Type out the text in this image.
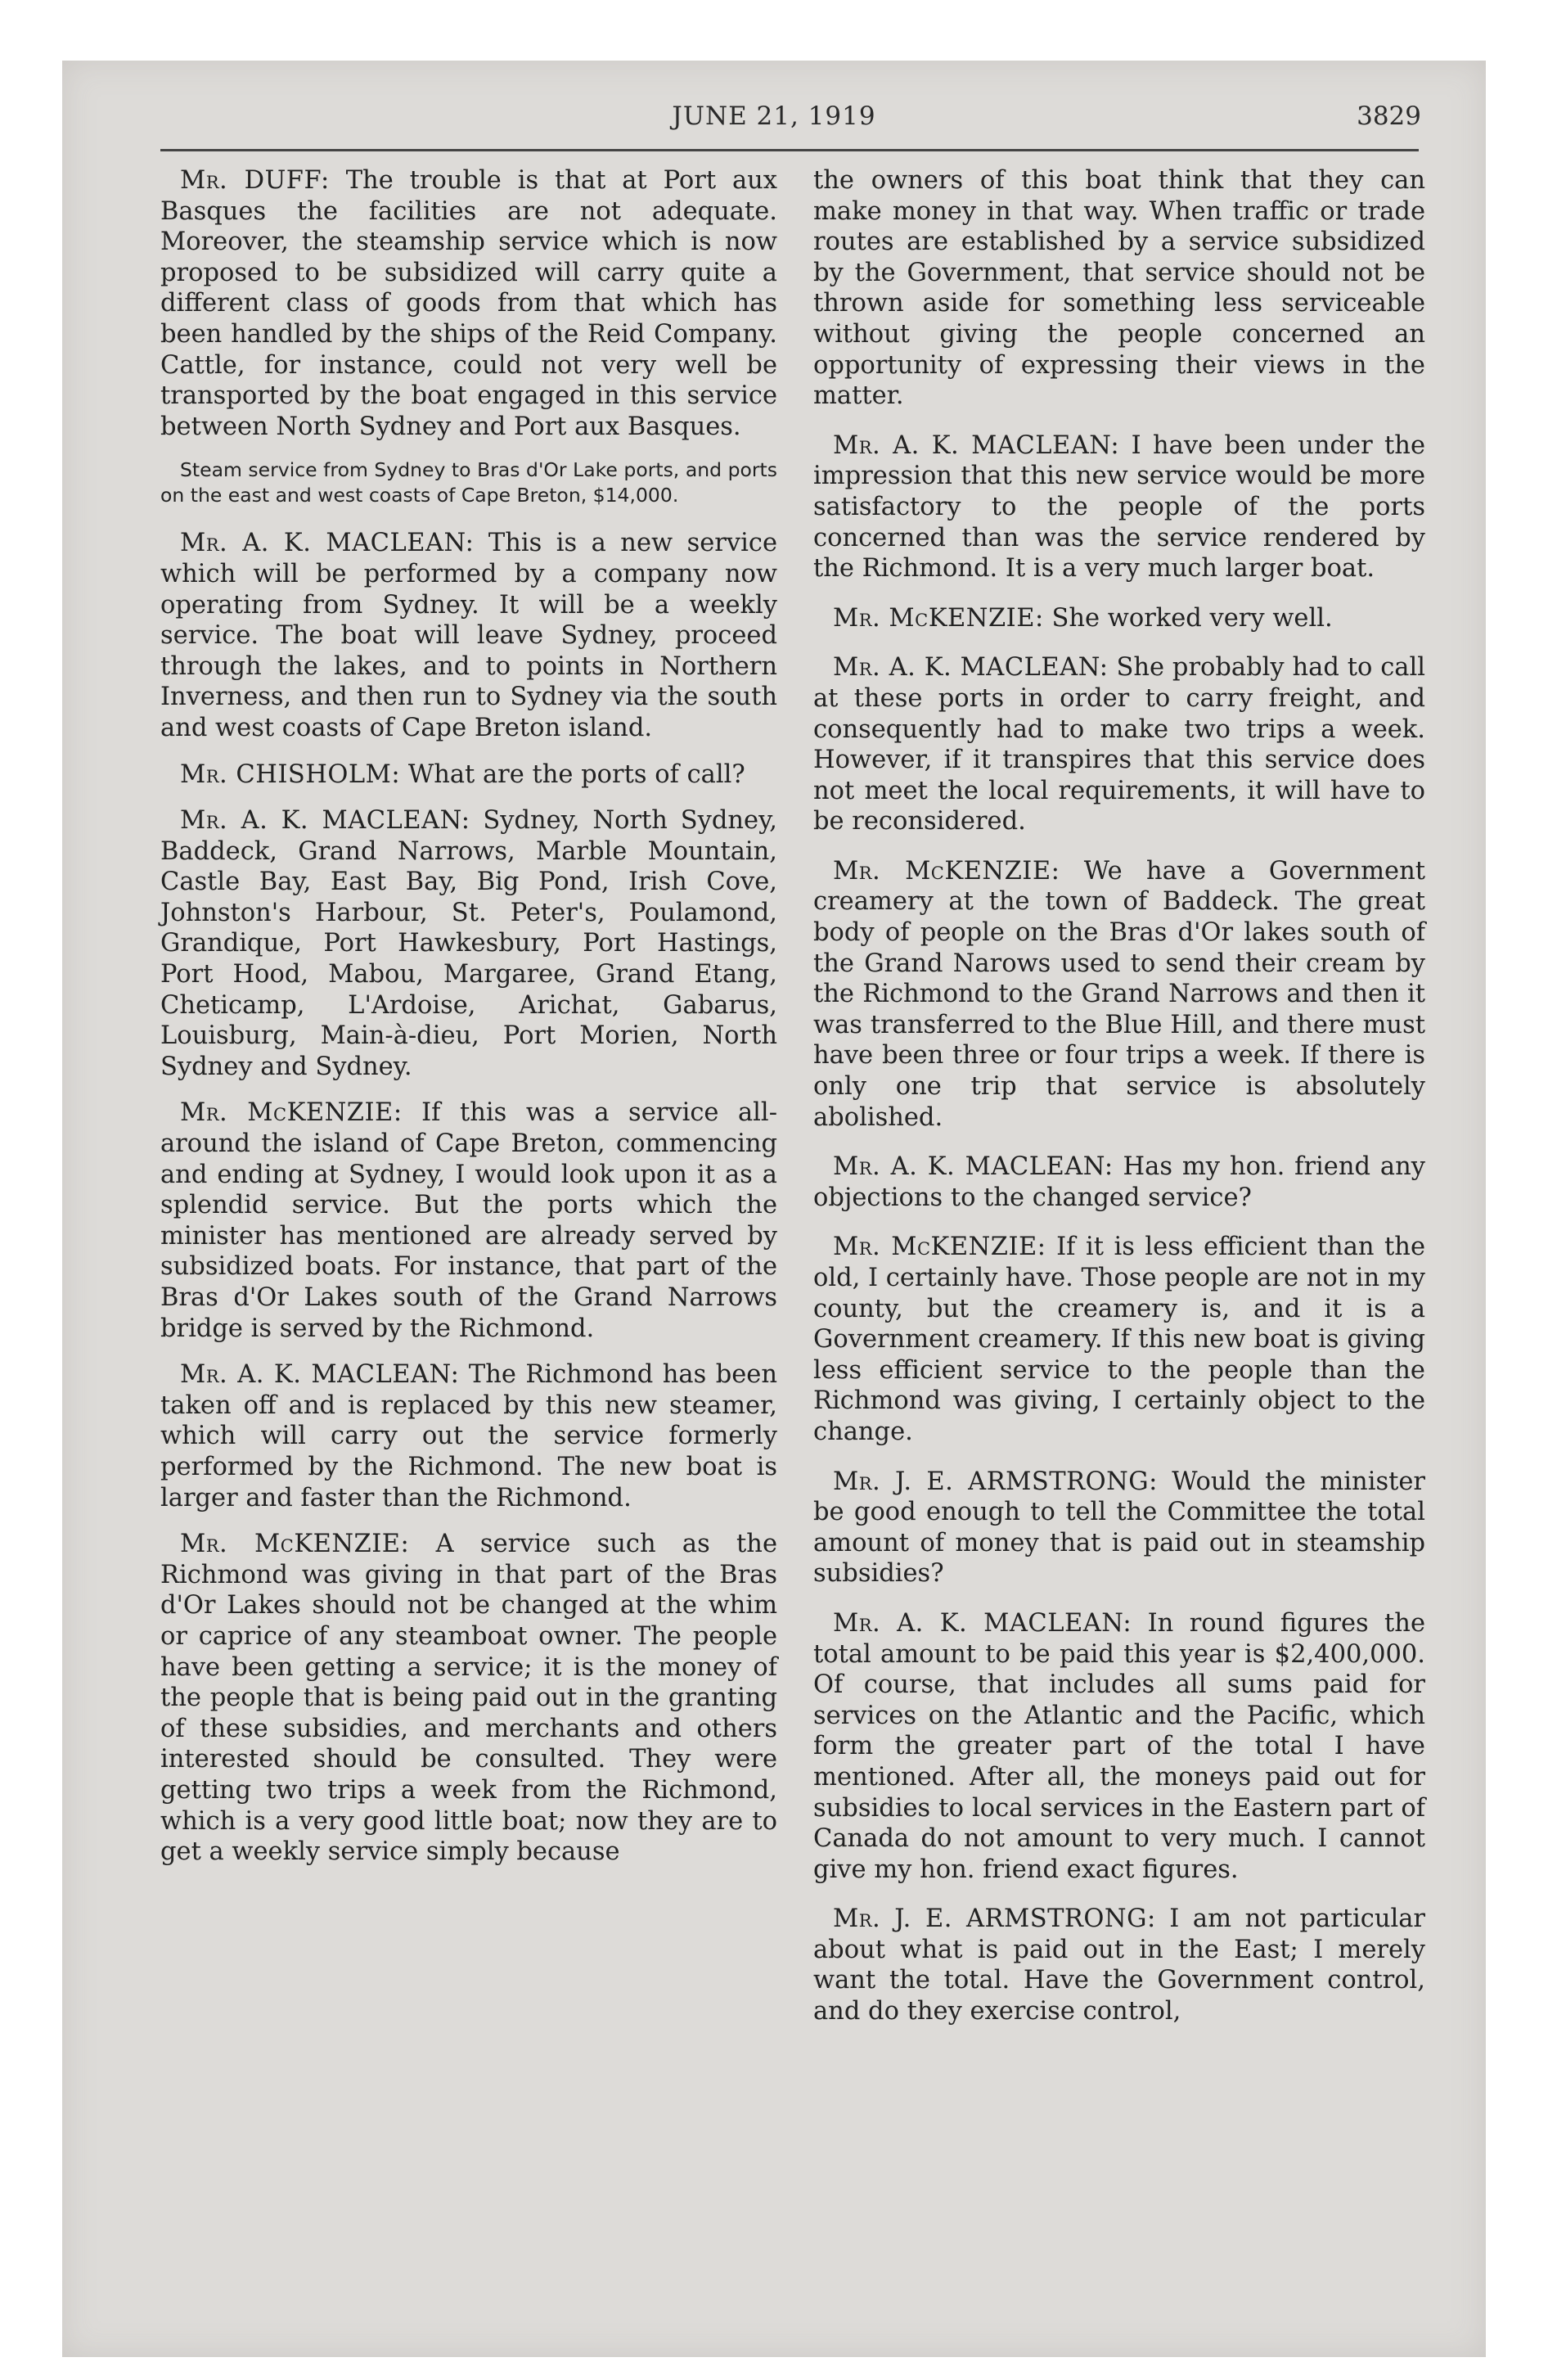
JUNE 21, 1919	3829

Mr. DUFF: The trouble is that at Port aux Basques the facilities are not adequate. Moreover, the steamship service which is now proposed to be subsidized will carry quite a different class of goods from that which has been handled by the ships of the Reid Company. Cattle, for instance, could not very well be transported by the boat engaged in this service between North Sydney and Port aux Basques.

Steam service from Sydney to Bras d'Or Lake ports, and ports on the east and west coasts of Cape Breton, $14,000.

Mr. A. K. MACLEAN: This is a new service which will be performed by a company now operating from Sydney. It will be a weekly service. The boat will leave Sydney, proceed through the lakes, and to points in Northern Inverness, and then run to Sydney via the south and west coasts of Cape Breton island.

Mr. CHISHOLM: What are the ports of call?

Mr. A. K. MACLEAN: Sydney, North Sydney, Baddeck, Grand Narrows, Marble Mountain, Castle Bay, East Bay, Big Pond, Irish Cove, Johnston's Harbour, St. Peter's, Poulamond, Grandique, Port Hawkesbury, Port Hastings, Port Hood, Mabou, Margaree, Grand Etang, Cheticamp, L'Ardoise, Arichat, Gabarus, Louisburg, Main-à-dieu, Port Morien, North Sydney and Sydney.

Mr. McKENZIE: If this was a service all-around the island of Cape Breton, commencing and ending at Sydney, I would look upon it as a splendid service. But the ports which the minister has mentioned are already served by subsidized boats. For instance, that part of the Bras d'Or Lakes south of the Grand Narrows bridge is served by the Richmond.

Mr. A. K. MACLEAN: The Richmond has been taken off and is replaced by this new steamer, which will carry out the service formerly performed by the Richmond. The new boat is larger and faster than the Richmond.

Mr. McKENZIE: A service such as the Richmond was giving in that part of the Bras d'Or Lakes should not be changed at the whim or caprice of any steamboat owner. The people have been getting a service; it is the money of the people that is being paid out in the granting of these subsidies, and merchants and others interested should be consulted. They were getting two trips a week from the Richmond, which is a very good little boat; now they are to get a weekly service simply because

the owners of this boat think that they can make money in that way. When traffic or trade routes are established by a service subsidized by the Government, that service should not be thrown aside for something less serviceable without giving the people concerned an opportunity of expressing their views in the matter.

Mr. A. K. MACLEAN: I have been under the impression that this new service would be more satisfactory to the people of the ports concerned than was the service rendered by the Richmond. It is a very much larger boat.

Mr. McKENZIE: She worked very well.

Mr. A. K. MACLEAN: She probably had to call at these ports in order to carry freight, and consequently had to make two trips a week. However, if it transpires that this service does not meet the local requirements, it will have to be reconsidered.

Mr. McKENZIE: We have a Government creamery at the town of Baddeck. The great body of people on the Bras d'Or lakes south of the Grand Narows used to send their cream by the Richmond to the Grand Narrows and then it was transferred to the Blue Hill, and there must have been three or four trips a week. If there is only one trip that service is absolutely abolished.

Mr. A. K. MACLEAN: Has my hon. friend any objections to the changed service?

Mr. McKENZIE: If it is less efficient than the old, I certainly have. Those people are not in my county, but the creamery is, and it is a Government creamery. If this new boat is giving less efficient service to the people than the Richmond was giving, I certainly object to the change.

Mr. J. E. ARMSTRONG: Would the minister be good enough to tell the Committee the total amount of money that is paid out in steamship subsidies?

Mr. A. K. MACLEAN: In round figures the total amount to be paid this year is $2,400,000. Of course, that includes all sums paid for services on the Atlantic and the Pacific, which form the greater part of the total I have mentioned. After all, the moneys paid out for subsidies to local services in the Eastern part of Canada do not amount to very much. I cannot give my hon. friend exact figures.

Mr. J. E. ARMSTRONG: I am not particular about what is paid out in the East; I merely want the total. Have the Government control, and do they exercise control,
